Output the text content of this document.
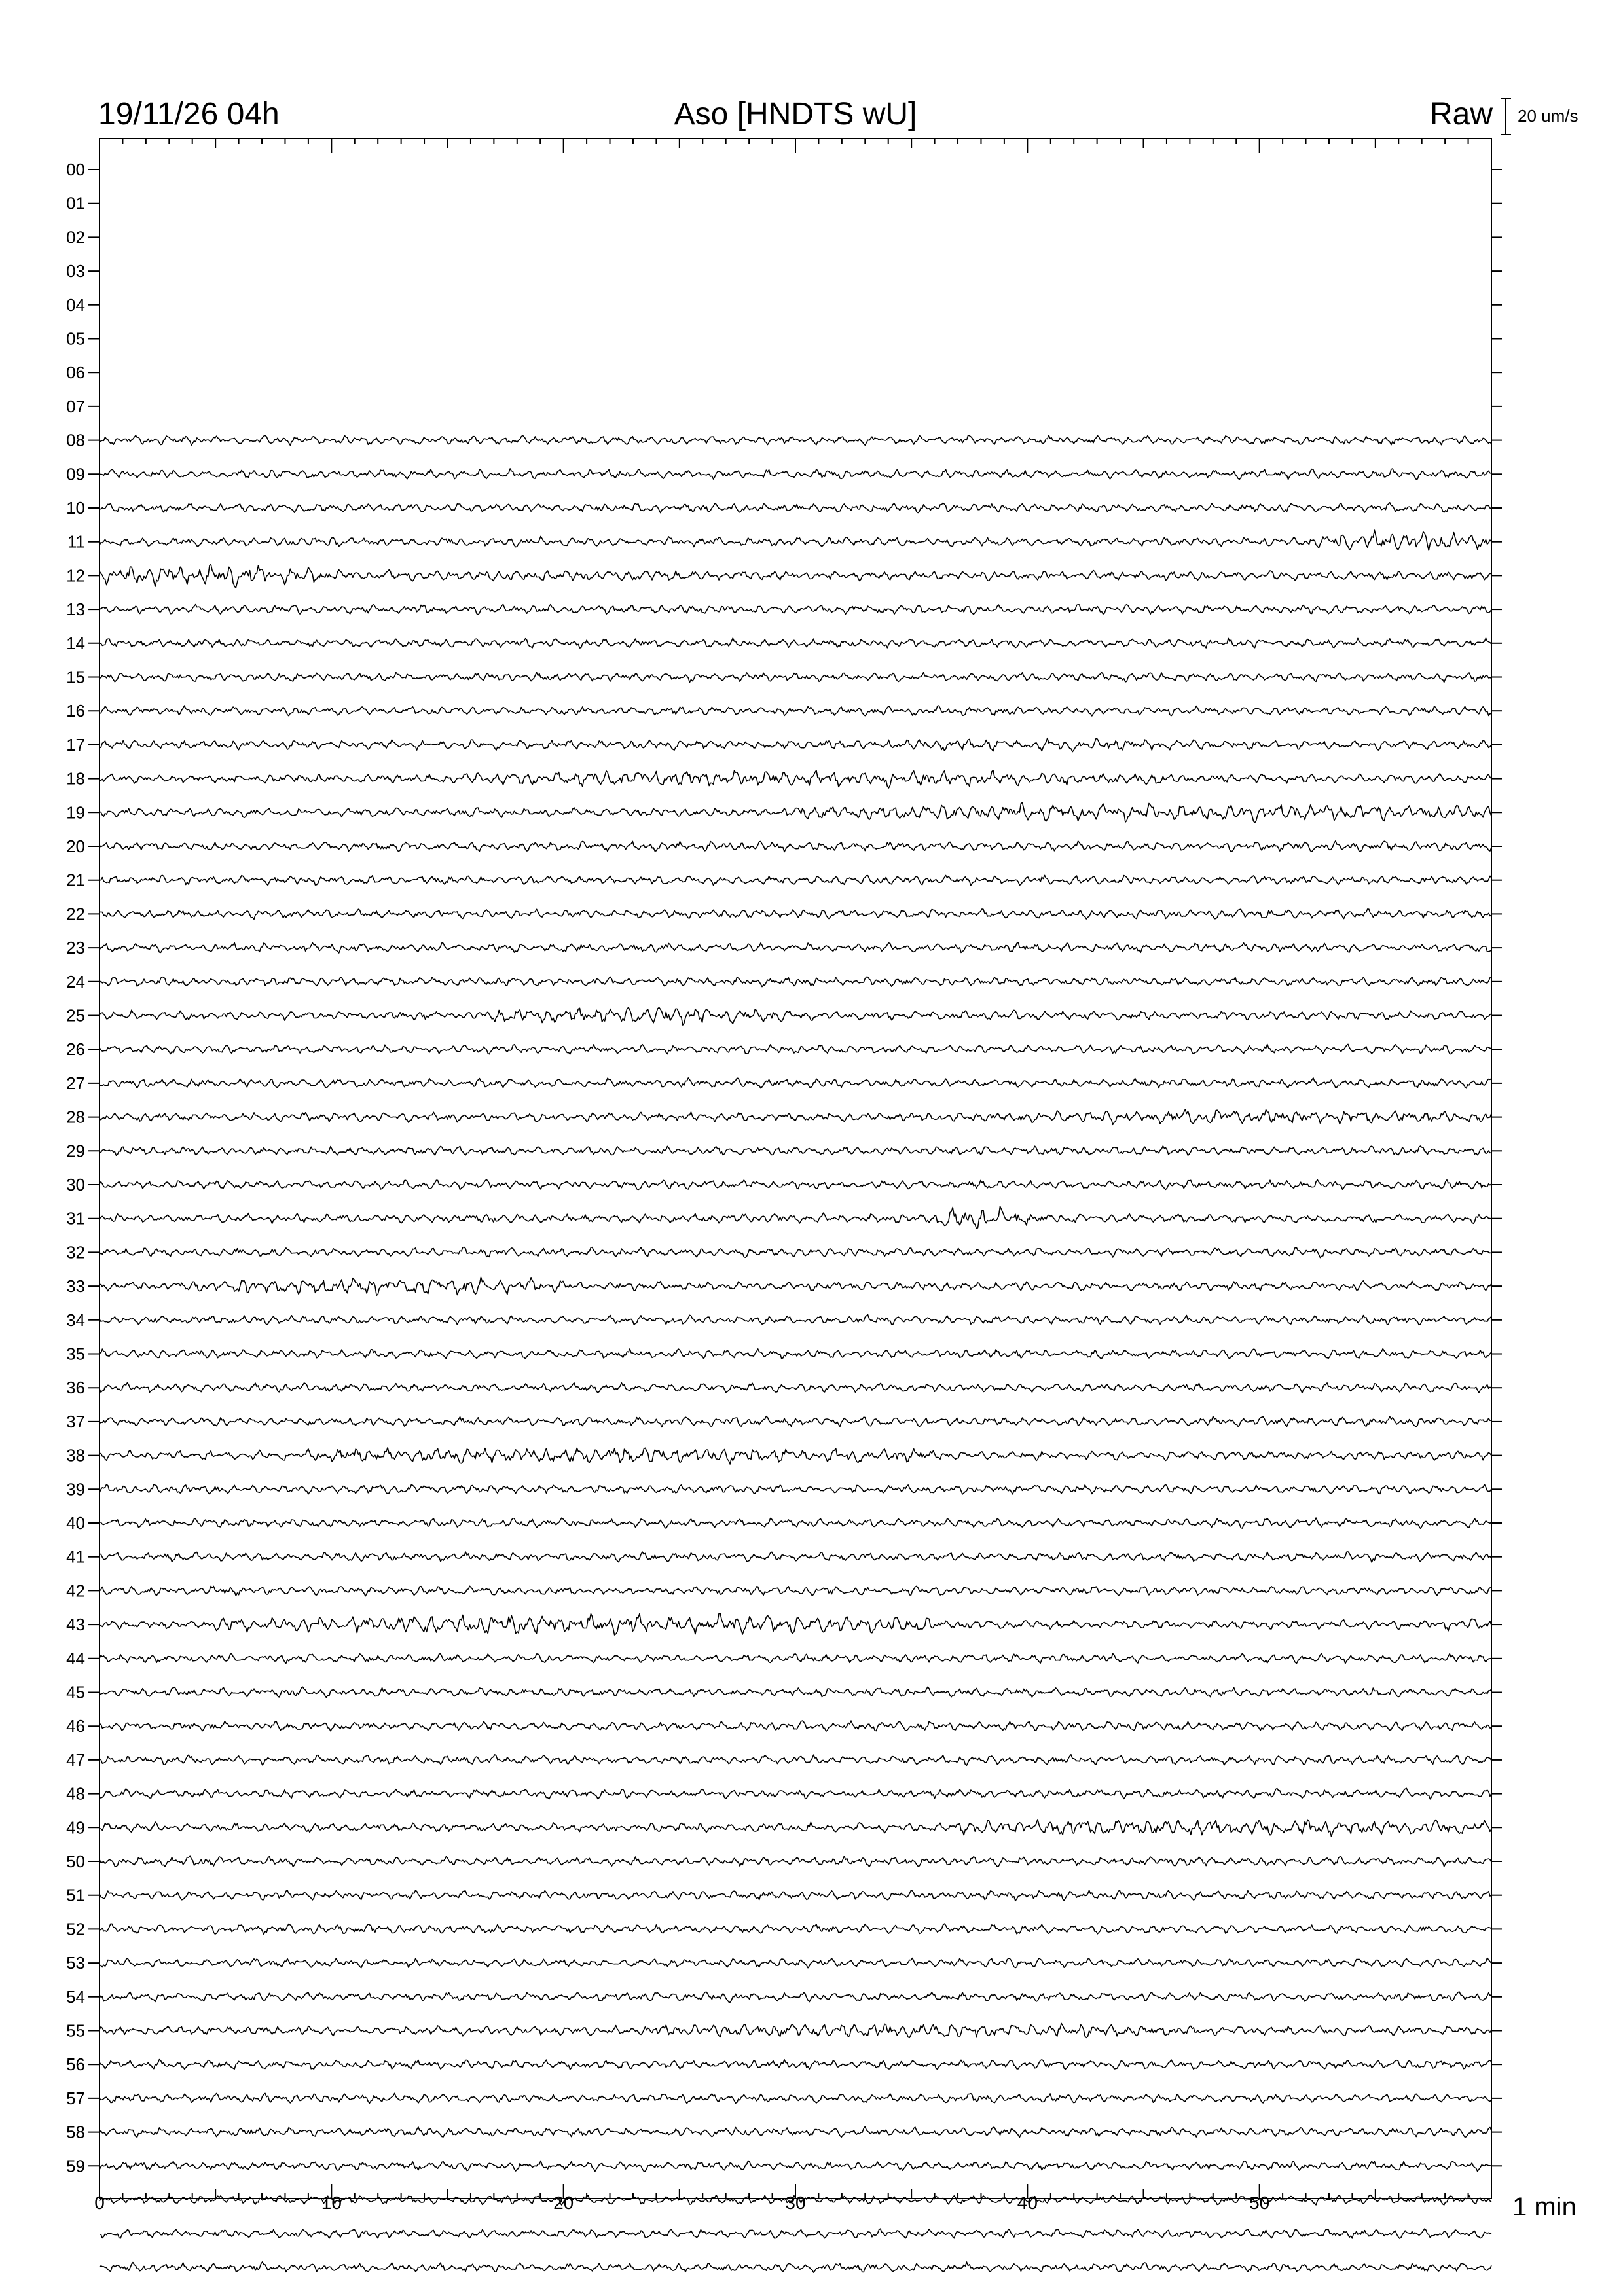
19/11/26 04h	Aso [HNDTS wU]	Raw 20 um/s
00
01
02
03
04
05
06
07
08
09
10
11
12
13
14
15
16
17
18
19
20
21
22
23
24
25
26
27
28
29
30
31
32
33
34
35
36
37
38
39
40
41
42
43
44
45
46
47
48
49
50
51
52
53
54
55
56
57
58
59
0	10	20	30	40	50	1 min
